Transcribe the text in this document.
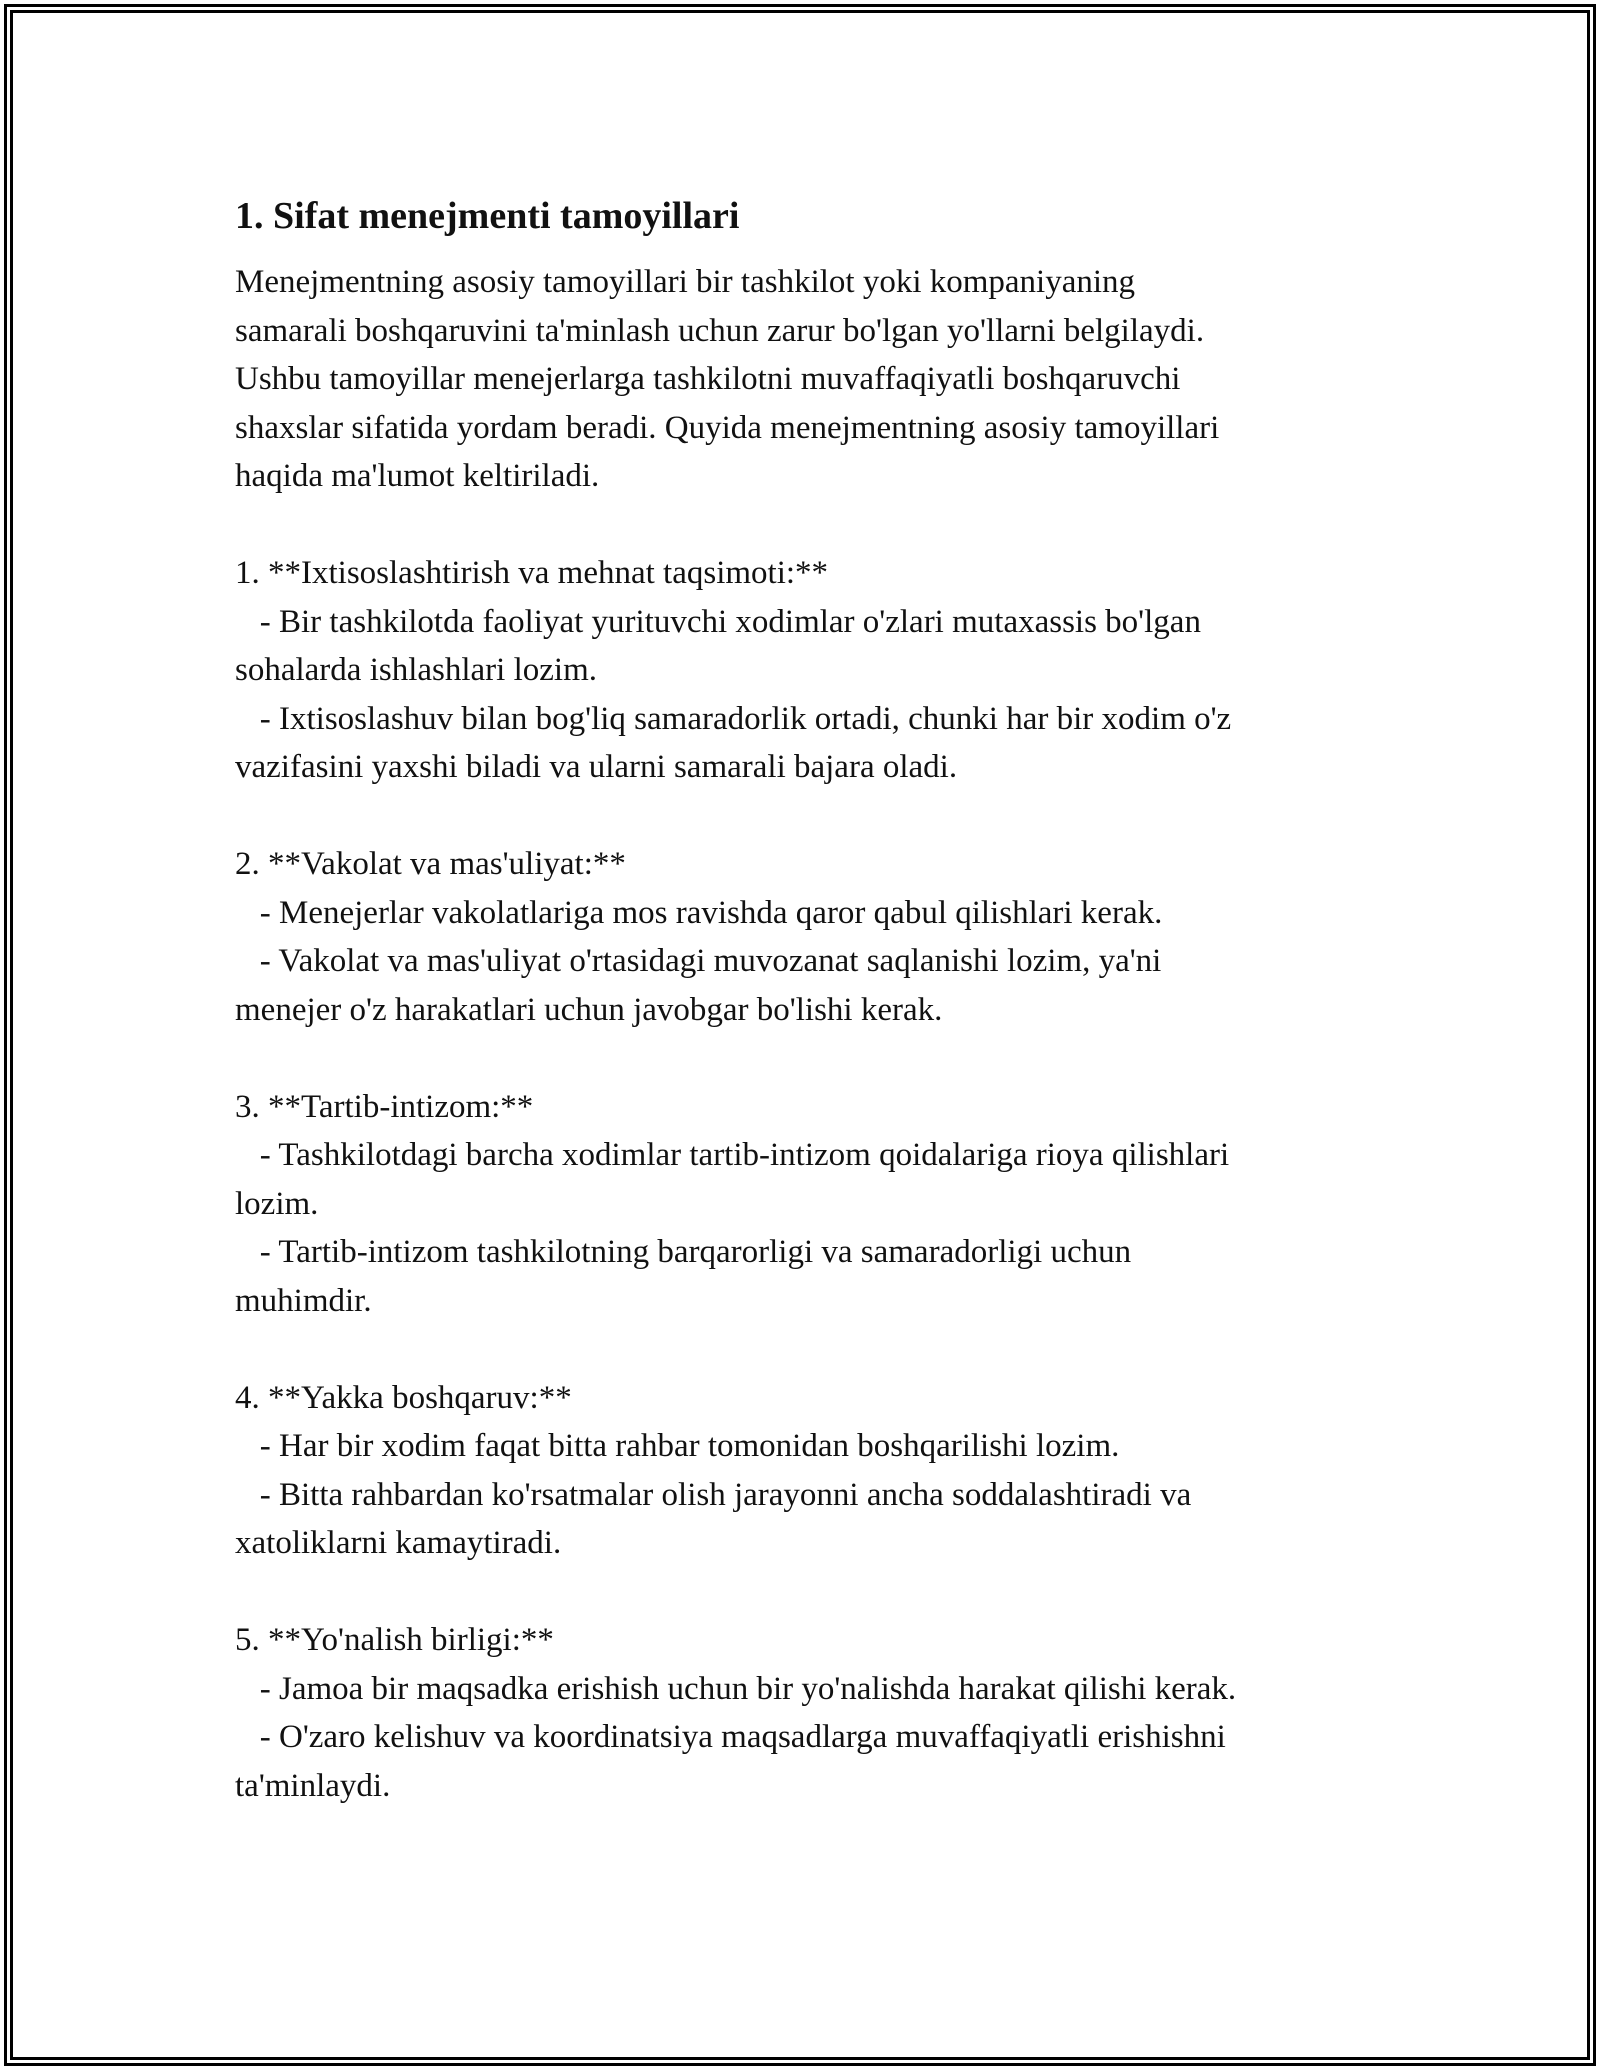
1. Sifat menejmenti tamoyillari
Menejmentning asosiy tamoyillari bir tashkilot yoki kompaniyaning
samarali boshqaruvini ta'minlash uchun zarur bo'lgan yo'llarni belgilaydi.
Ushbu tamoyillar menejerlarga tashkilotni muvaffaqiyatli boshqaruvchi
shaxslar sifatida yordam beradi. Quyida menejmentning asosiy tamoyillari
haqida ma'lumot keltiriladi.
1. **Ixtisoslashtirish va mehnat taqsimoti:**
- Bir tashkilotda faoliyat yurituvchi xodimlar o'zlari mutaxassis bo'lgan
sohalarda ishlashlari lozim.
- Ixtisoslashuv bilan bog'liq samaradorlik ortadi, chunki har bir xodim o'z
vazifasini yaxshi biladi va ularni samarali bajara oladi.
2. **Vakolat va mas'uliyat:**
- Menejerlar vakolatlariga mos ravishda qaror qabul qilishlari kerak.
- Vakolat va mas'uliyat o'rtasidagi muvozanat saqlanishi lozim, ya'ni
menejer o'z harakatlari uchun javobgar bo'lishi kerak.
3. **Tartib-intizom:**
- Tashkilotdagi barcha xodimlar tartib-intizom qoidalariga rioya qilishlari
lozim.
- Tartib-intizom tashkilotning barqarorligi va samaradorligi uchun
muhimdir.
4. **Yakka boshqaruv:**
- Har bir xodim faqat bitta rahbar tomonidan boshqarilishi lozim.
- Bitta rahbardan ko'rsatmalar olish jarayonni ancha soddalashtiradi va
xatoliklarni kamaytiradi.
5. **Yo'nalish birligi:**
- Jamoa bir maqsadka erishish uchun bir yo'nalishda harakat qilishi kerak.
- O'zaro kelishuv va koordinatsiya maqsadlarga muvaffaqiyatli erishishni
ta'minlaydi.
